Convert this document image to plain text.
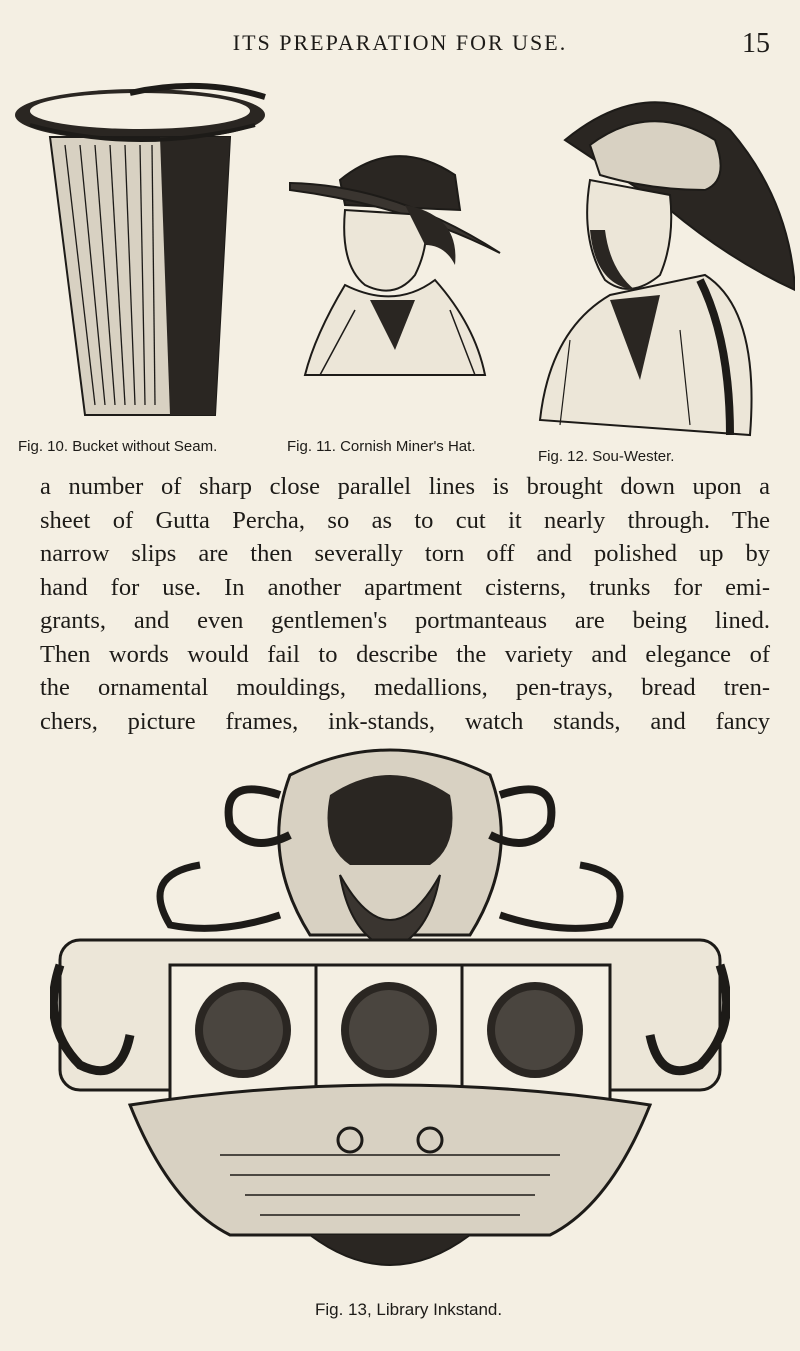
ITS PREPARATION FOR USE.	15
Fig. 10. Bucket without Seam.	Fig. 11. Cornish Miner's Hat.
Fig. 12. Sou-Wester.
a number of sharp close parallel lines is brought down upon a
sheet of Gutta Percha, so as to cut it nearly through. The
narrow slips are then severally torn off and polished up by
hand for use. In another apartment cisterns, trunks for emi-
grants, and even gentlemen's portmanteaus are being lined.
Then words would fail to describe the variety and elegance of
the ornamental mouldings, medallions, pen-trays, bread tren-
chers, picture frames, ink-stands, watch stands, and fancy
Fig. 13, Library Inkstand.
